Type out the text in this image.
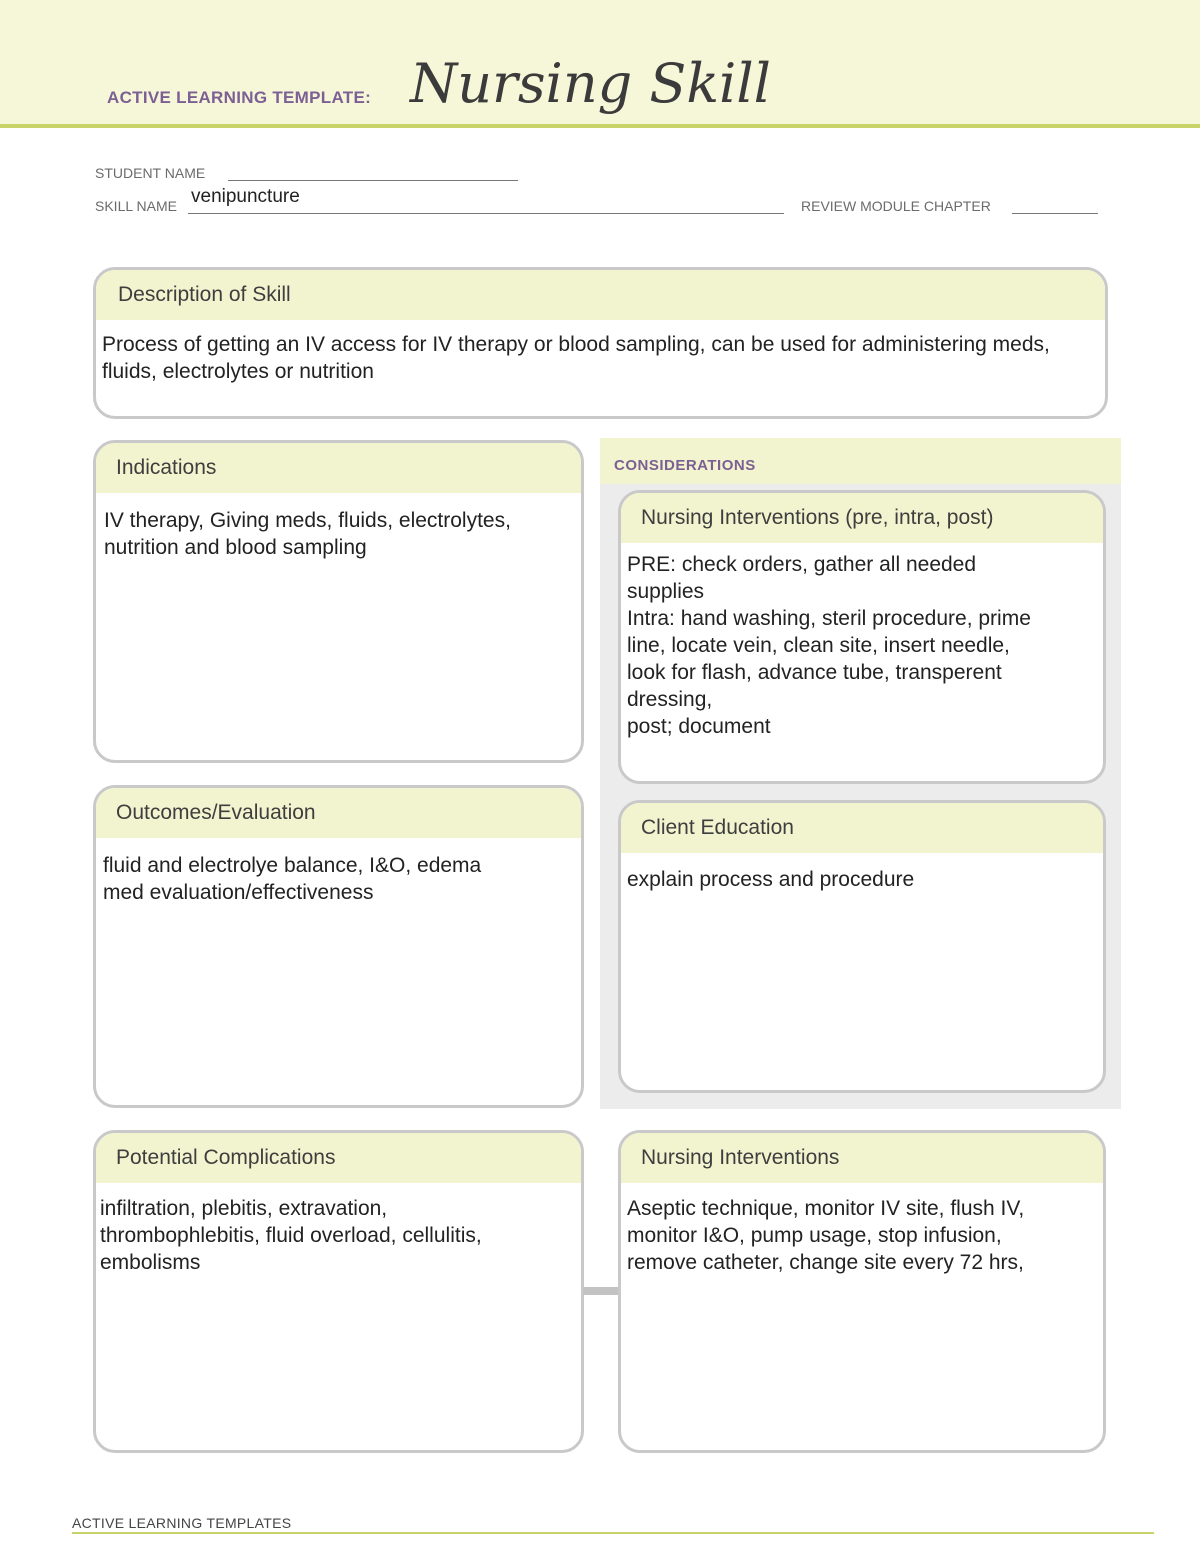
ACTIVE LEARNING TEMPLATE: Nursing Skill
STUDENT NAME
SKILL NAME venipuncture	REVIEW MODULE CHAPTER
Description of Skill
Process of getting an IV access for IV therapy or blood sampling, can be used for administering meds, fluids, electrolytes or nutrition
Indications
IV therapy, Giving meds, fluids, electrolytes,
nutrition and blood sampling
Outcomes/Evaluation
fluid and electrolye balance, I&O, edema
med evaluation/effectiveness
CONSIDERATIONS
Nursing Interventions (pre, intra, post)
PRE: check orders, gather all needed
supplies
Intra: hand washing, steril procedure, prime
line, locate vein, clean site, insert needle,
look for flash, advance tube, transperent
dressing,
post; document
Client Education
explain process and procedure
Potential Complications
infiltration, plebitis, extravation,
thrombophlebitis, fluid overload, cellulitis,
embolisms
Nursing Interventions
Aseptic technique, monitor IV site, flush IV,
monitor I&O, pump usage, stop infusion,
remove catheter, change site every 72 hrs,
ACTIVE LEARNING TEMPLATES
